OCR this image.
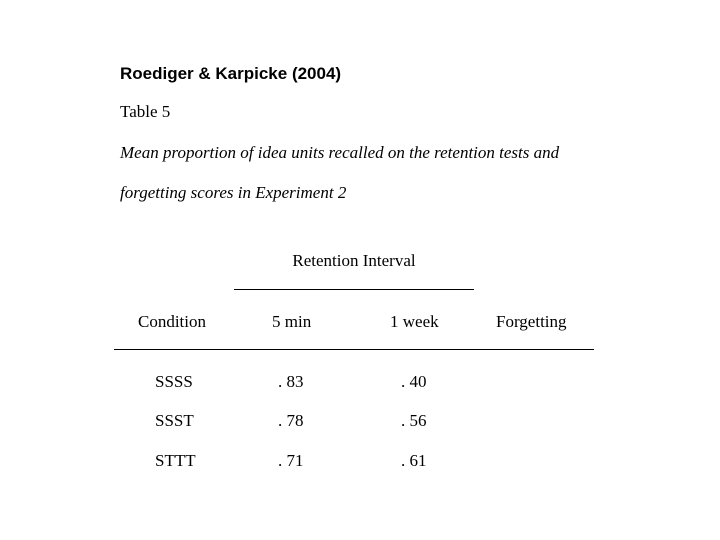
Roediger & Karpicke (2004)
Table 5
Mean proportion of idea units recalled on the retention tests and
forgetting scores in Experiment 2
Retention Interval
Condition	5 min	1 week	Forgetting
SSSS	. 83	. 40
SSST	. 78	. 56
STTT	. 71	. 61
